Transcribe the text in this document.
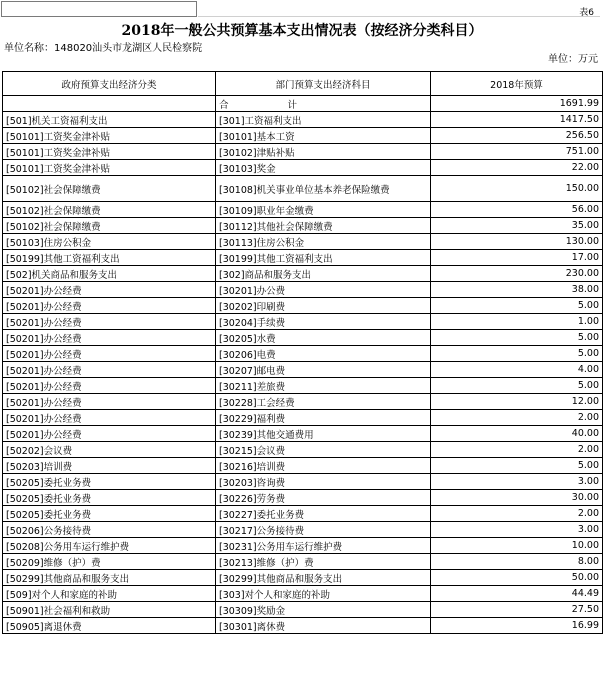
表6
2018年一般公共预算基本支出情况表（按经济分类科目）
单位名称：148020汕头市龙湖区人民检察院
单位：万元
政府预算支出经济分类	部门预算支出经济科目	2018年预算
	合 计	1691.99
[501]机关工资福利支出	[301]工资福利支出	1417.50
[50101]工资奖金津补贴	[30101]基本工资	256.50
[50101]工资奖金津补贴	[30102]津贴补贴	751.00
[50101]工资奖金津补贴	[30103]奖金	22.00
[50102]社会保障缴费	[30108]机关事业单位基本养老保险缴费	150.00
[50102]社会保障缴费	[30109]职业年金缴费	56.00
[50102]社会保障缴费	[30112]其他社会保障缴费	35.00
[50103]住房公积金	[30113]住房公积金	130.00
[50199]其他工资福利支出	[30199]其他工资福利支出	17.00
[502]机关商品和服务支出	[302]商品和服务支出	230.00
[50201]办公经费	[30201]办公费	38.00
[50201]办公经费	[30202]印刷费	5.00
[50201]办公经费	[30204]手续费	1.00
[50201]办公经费	[30205]水费	5.00
[50201]办公经费	[30206]电费	5.00
[50201]办公经费	[30207]邮电费	4.00
[50201]办公经费	[30211]差旅费	5.00
[50201]办公经费	[30228]工会经费	12.00
[50201]办公经费	[30229]福利费	2.00
[50201]办公经费	[30239]其他交通费用	40.00
[50202]会议费	[30215]会议费	2.00
[50203]培训费	[30216]培训费	5.00
[50205]委托业务费	[30203]咨询费	3.00
[50205]委托业务费	[30226]劳务费	30.00
[50205]委托业务费	[30227]委托业务费	2.00
[50206]公务接待费	[30217]公务接待费	3.00
[50208]公务用车运行维护费	[30231]公务用车运行维护费	10.00
[50209]维修（护）费	[30213]维修（护）费	8.00
[50299]其他商品和服务支出	[30299]其他商品和服务支出	50.00
[509]对个人和家庭的补助	[303]对个人和家庭的补助	44.49
[50901]社会福利和救助	[30309]奖励金	27.50
[50905]离退休费	[30301]离休费	16.99
